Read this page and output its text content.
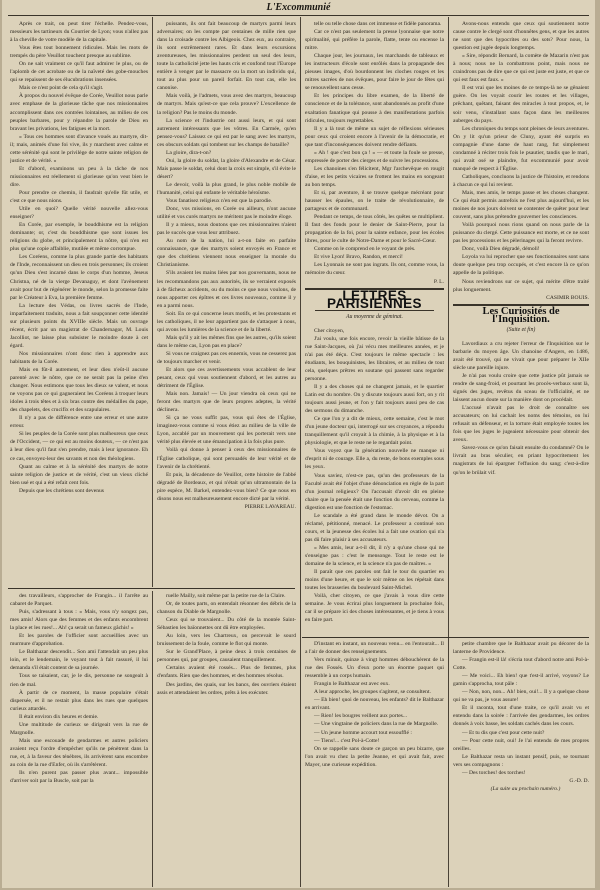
L'Excommunié

Après ce trait, on peut tirer l'échelle. Pendez-vous, messieurs les tartineurs du Courrier de Lyon; vous n'allez pas à la cheville de votre modèle de la capitale.

Vous êtes tout bonnement ridicules. Mais les mots de trempés du père Veuillot touchent presque au sublime.

On ne sait vraiment ce qu'il faut admirer le plus, ou de l'aplomb de cet acrobate ou de la naïveté des gobe-mouches qui se repaissent de ses élucubrations insensées.

Mais ce n'est point de cela qu'il s'agit.

À propos du nouvel évêque de Corée, Veuillot nous parle avec emphase de la glorieuse tâche que nos missionnaires accomplissent dans ces contrées lointaines, au milieu de ces peuples barbares, pour y répandre la parole de Dieu en bravant les privations, les fatigues et la mort.

« Tous ces hommes sont d'avance voués au martyre, dit-il; mais, animés d'une foi vive, ils y marchent avec calme et cette sérénité qui sont le privilège de notre sainte religion de justice et de vérité. »

Et d'abord, examinons un peu à la tâche de nos missionnaires est réellement si glorieuse qu'on veut bien le dire.

Pour prendre ce chemin, il faudrait qu'elle fût utile, et c'est ce que nous nions.

Utile en quoi? Quelle vérité nouvelle allez-vous enseigner?

En Corée, par exemple, le bouddhisme est la religion dominante; or, c'est du bouddhisme que sont issues les religions du globe, et principalement la nôtre, qui n'en est plus qu'une copie affaiblie, mutilée et même corrompue.

Les Coréens, comme la plus grande partie des habitants de l'Inde, reconnaissent un dieu en trois personnes; ils croient qu'un Dieu s'est incarné dans le corps d'un homme, Jeseus Christna, né de la vierge Devanaguy, et dont l'avènement avait pour but de régénérer le monde, selon la promesse faite par le Créateur à Eva, la première femme.

La lecture des Védas, ou livres sacrés de l'Inde, imparfaitement traduits, nous a fait soupçonner cette identité sur plusieurs points du XVIIIe siècle. Mais un ouvrage récent, écrit par un magistrat de Chandernagor, M. Louis Jacolliot, ne laisse plus subsister le moindre doute à cet égard.

Nos missionnaires n'ont donc rien à apprendre aux habitants de la Corée.

Mais en fût-il autrement, et leur dieu n'eût-il aucune parenté avec le nôtre, que ce ne serait pas la peine d'en changer. Nous estimons que tous les dieux se valent, et nous ne voyons pas ce qui gagneraient les Coréens à troquer leurs idoles à trois têtes et à six bras contre des médailles du pape, des chapelets, des crucifix et des scapulaires.

Il n'y a pas de différence entre une erreur et une autre erreur.

Si les peuples de la Corée sont plus malheureux que ceux de l'Occident, — ce qui est au moins douteux, — ce n'est pas à leur dieu qu'il faut s'en prendre, mais à leur ignorance. Eh ce cas, envoyez-leur des savants et non des théologiens.

Quant au calme et à la sérénité des martyrs de notre sainte religion de justice et de vérité, c'est un vieux cliché bien usé et qui a été refait cent fois.

Depuis que les chrétiens sont devenus

puissants, ils ont fait beaucoup de martyrs parmi leurs adversaires; on les compte par centaines de mille rien que dans la croisade contre les Albigeois. Chez eux, au contraire, ils sont extrêmement rares. Et dans leurs excursions aventureuses, les missionnaires perdent un seul des leurs, toute la catholicité jette les hauts cris et confond tout l'Europe entière à venger par le massacre ou la mort un individu qui, tout au plus pour un pareil forfait. En tout cas, elle les canonise.

Mais voilà, je l'admets, vous avez des martyrs, beaucoup de martyrs. Mais qu'est-ce que cela prouve? L'excellence de la religion? Pas le moins du monde.

La science et l'industrie ont aussi leurs, et qui sont autrement intéressants que les vôtres. En Carmée, qu'en pensez-vous? Laissez ce qui est par le sang avec les martyrs, ces obscurs soldats qui tombent sur les champs de bataille?

La gloire, dira-t-on?

Oui, la gloire du soldat, la gloire d'Alexandre et de César. Mais passe le soldat, celui dont la croix est simple, s'il évite le désert?

Le devoir, voilà la plus grand, le plus noble mobile de l'humanité, celui qui enfante le véritable héroïsme.

Vous fanatisez religieux n'en est que la parodie.

Donc, vos missions, en Corée ou ailleurs, n'ont aucune utilité et vos curés martyrs ne méritent pas le moindre éloge.

Il y a mieux, nous doutons que ces missionnaires n'aient pas le succès que vous leur attribuez.

Au nom de la nation, lui a-t-on faite en parfaite connaissance, que des martyrs soient envoyés en France et que des chrétiens viennent nous enseigner la morale du Christianisme.

S'ils avaient les mains liées par nos gouvernants, nous ne les recommandons pas aux autorités, ils se verraient exposés à de fâcheux accidents, ou du moins ce que nous voulons, de nous apporter ces épîtres et ces livres nouveaux, comme il y en a parmi nous.

Soit. En ce qui concerne leurs motifs, et les protestants et les catholiques, il ne leur appartient pas de s'attaquer à nous, qui avons les lumières de la science et de la liberté.

Mais qu'il y ait les mêmes fins que les autres, qu'ils soient dans le même cas, Lyon pas en place?

Si vous ne craignez pas ces ennemis, vous ne cesserez pas de toujours marcher et venir.

Et alors que ces avertissements vous accablent de leur pesant, ceux qui vous soutiennent d'abord, et les autres au détriment de l'Église.

Mais non. Jamais! — Un jour viendra où ceux qui ne feront des martyrs que de leurs propres adeptes, la vérité déclinera.

Si ça ne vous suffit pas, vous qui êtes de l'Église, imaginez-vous comme si vous étiez au milieu de la ville de Lyon, accablé par un mouvement qui les porterait vers une vérité plus élevée et une émancipation à la fois plus pure.

Voilà qui donne à penser à ceux des missionnaires de l'Église catholique, qui sont persuadés de leur vérité et de l'avenir de la chrétienté.

Et puis, la décadence de Veuillot, cette histoire de l'abbé dégradé de Bordeaux, et qui n'était qu'un ultramontain de la pire espèce, M. Barkel, entendez-vous bien? Ce que nous en disons nous est malheureusement encore dicté par la vérité.

PIERRE LAVAREAU.

telle ou telle chose dans cet immense et fidèle panorama.

Car ce n'est pas seulement la presse lyonnaise que notre spiritualité, qui préfère la parole, flatte, tente ou encense la mitre.

Chaque jour, les journaux, les marchands de tableaux et les instructeurs d'école sont enrôlés dans la propagande des pieuses images, d'où bourdonnent les cloches rouges et les mitres sacrées de nos évêques, pour faire le jour de fêtes qui se renouvellent sans cesse.

Et les principes du libre examen, de la liberté de conscience et de la tolérance, sont abandonnés au profit d'une exaltation fanatique qui pousse à des manifestations parfois ridicules, toujours regrettables.

Il y a là tout de même un sujet de réflexions sérieuses pour ceux qui croient encore à l'avenir de la démocratie, et que tant d'inconséquences doivent rendre défiants.

« Ah ! que c'est bon ça ! » — et toute la foule se presse, empressée de porter des cierges et de suivre les processions.

Les chanoines s'en félicitent, Mgr l'archevêque en rougit d'aise, et les petits vicaires se frottent les mains en songeant au bon temps.

Et si, par aventure, il se trouve quelque mécréant pour hausser les épaules, on le traite de révolutionnaire, de partageux et de communard.

Pendant ce temps, de tous côtés, les quêtes se multiplient. Il faut des fonds pour le denier de Saint-Pierre, pour la propagation de la foi, pour la sainte enfance, pour les écoles libres, pour le culte de Notre-Dame et pour le Sacré-Cœur.

Comme on le comprend en le voyant de près.

Et vive Lyon! Bravo, Randon, et merci!

Les Lyonnais ne sont pas ingrats. Ils ont, comme vous, la mémoire du cœur.

P. L.

LETTRES PARISIENNES
Au moyenne de géminat.

Cher citoyen,

J'ai voulu, une fois encore, revoir la vieille bâtisse de la rue Saint-Jacques, où j'ai vécu mes meilleures années, et je n'ai pas été déçu. C'est toujours le même spectacle : les étudiants, les bouquinistes, les libraires, et au milieu de tout cela, quelques prêtres en soutane qui passent sans regarder personne.

Il y a des choses qui ne changent jamais, et le quartier Latin est du nombre. On y discute toujours aussi fort, on y rit toujours aussi jeune, et l'on y fait toujours aussi peu de cas des sermons du dimanche.

Ce que l'on y a dit de mieux, cette semaine, c'est le mot d'un jeune docteur qui, interrogé sur ses croyances, a répondu tranquillement qu'il croyait à la chimie, à la physique et à la physiologie, et que le reste ne le regardait point.

Vous voyez que la génération nouvelle ne manque ni d'esprit ni de courage. Elle a, du reste, de bons exemples sous les yeux.

Vous saviez, n'est-ce pas, qu'un des professeurs de la Faculté avait été l'objet d'une dénonciation en règle de la part d'un journal religieux? On l'accusait d'avoir dit en pleine chaire que la pensée était une fonction du cerveau, comme la digestion est une fonction de l'estomac.

Le scandale a été grand dans le monde dévot. On a réclamé, pétitionné, menacé. Le professeur a continué son cours, et la jeunesse des écoles lui a fait une ovation qui n'a pas dû faire plaisir à ses accusateurs.

« Mes amis, leur a-t-il dit, il n'y a qu'une chose qui ne s'enseigne pas : c'est le mensonge. Tout le reste est le domaine de la science, et la science n'a pas de maîtres. »

Il paraît que ces paroles ont fait le tour du quartier en moins d'une heure, et que le soir même on les répétait dans toutes les brasseries du boulevard Saint-Michel.

Voilà, cher citoyen, ce que j'avais à vous dire cette semaine. Je vous écrirai plus longuement la prochaine fois, car il se prépare ici des choses intéressantes, et je tiens à vous en faire part.

Avons-nous entendu que ceux qui soutiennent notre cause contre le clergé sont d'honnêtes gens, et que les autres ne sont que des hypocrites ou des sots? Pour nous, la question est jugée depuis longtemps.

« Sire, répondit Bernard, la comète de Mazarin n'est pas à nous; nous ne la combattrons point, mais nous ne craindrons pas de dire que ce qui est juste est juste, et que ce qui est faux est faux. »

Il est vrai que les moines de ce temps-là ne se gênaient guère. On les voyait courir les routes et les villages, prêchant, quêtant, faisant des miracles à tout propos, et, le soir venu, s'installant sans façon dans les meilleures auberges du pays.

Les chroniques du temps sont pleines de leurs aventures. On y lit qu'un prieur de Cluny, ayant été surpris en compagnie d'une dame de haut rang, fut simplement condamné à réciter trois fois le psautier, tandis que le mari, qui avait osé se plaindre, fut excommunié pour avoir manqué de respect à l'Église.

Catholiques, concluons la justice de l'histoire, et rendons à chacun ce qui lui revient.

Mais, mes amis, le temps passe et les choses changent. Ce qui était permis autrefois ne l'est plus aujourd'hui, et les moines de nos jours doivent se contenter de quêter pour leur couvent, sans plus prétendre gouverner les consciences.

Voilà pourquoi nous rions quand on nous parle de la puissance du clergé. Cette puissance est morte, et ce ne sont pas les processions et les pèlerinages qui la feront revivre.

Donc, voilà Dieu dégradé, démoli!

Loyola va lui reprocher que ses fonctionnaires sont sans doute quelque peu trop occupés, et c'est encore là ce qu'on appelle de la politique.

Nous reviendrons sur ce sujet, qui mérite d'être traité plus longuement.

CASIMIR BOUIS.

Les Curiosités de l'Inquisition.
(Suite et fin)

Lavordiaux a cru rejeter l'erreur de l'Inquisition sur le barbarie du moyen âge. Un chanoine d'Angers, en 1486, avait été trouvé, qui ne vivait que pour préparer le XIIe siècle une pareille injure.

Je n'ai pas voulu croire que cette justice pût jamais se rendre de sang-froid, et pourtant les procès-verbaux sont là, signés des juges, revêtus du sceau de l'officialité, et ne laissent aucun doute sur la manière dont on procédait.

L'accusé n'avait pas le droit de connaître ses accusateurs; on lui cachait les noms des témoins, on lui refusait un défenseur, et la torture était employée toutes les fois que les juges le jugeaient nécessaire pour obtenir des aveux.

Savez-vous ce qu'on faisait ensuite du condamné? On le livrait au bras séculier, en priant hypocritement les magistrats de lui épargner l'effusion du sang; c'est-à-dire qu'on le brûlait vif.

des travailleurs, s'approcher de Frangin... il l'arrête au cabaret de Parquet.

Puis, s'adressant à tous : « Mais, vous n'y songez pas, mes amis! Alors que des femmes et des enfants encombrent la place et les rues!... Ah! ça serait un fameux gâchis! »

Et les paroles de l'officier sont accueillies avec un murmure d'approbation.

Le Balthazar descendit... Son ami l'attendait un peu plus loin, et le lendemain, le voyant tout à fait rassuré, il lui demanda s'il était content de sa journée.

Tous se taisaient, car, je le dis, personne ne songeait à rien de mal.

À partir de ce moment, la masse populaire s'était dispersée, et il ne restait plus dans les rues que quelques curieux attardés.

Il était environ dix heures et demie.

Une multitude de curieux se dirigeait vers la rue de Margnolle.

Mais une escouade de gendarmes et autres policiers avaient reçu l'ordre d'empêcher qu'ils ne pénètrent dans la rue, et, à la faveur des ténèbres, ils arrivèrent sans encombre au coin de la rue d'Enfer, où ils s'arrêtèrent.

Ils n'en purent pas passer plus avant... impossible d'arriver soit par la Buscle, soit par la

ruelle Mailly, soit même par la petite rue de la Claire.

Or, de toutes parts, on entendait résonner des débris de la chanson du Diable de Margnolle.

Ceux qui se trouvaient... Du côté de la montée Saint-Sébastien les baïonnettes ont dû être employées.

Au loin, vers les Chartreux, on percevait le sourd bruissement de la foule, comme le flot qui monte.

Sur le Grand'Place, à peine deux à trois centaines de personnes qui, par groupes, causaient tranquillement.

Certains avaient été rossés... Plus de femmes, plus d'enfants. Rien que des hommes, et des hommes résolus.

Des jardins, des quais, sur les bancs, des ouvriers étaient assis et attendaient les ordres, prêts à les exécuter.

D'instant en instant, un nouveau venu... en l'entourait... Il a l'air de donner des renseignements.

Vers minuit, quinze à vingt hommes débouchèrent de la rue des Fossés. Un d'eux porte un énorme paquet qui ressemble à un corps humain.

Frangin le Balthazar est avec eux.

A leur approche, les groupes s'agitent, se consultent.

— Eh bien! quoi de nouveau, les enfants? dit le Balthazar en arrivant.

— Rien! les bougres veillent aux portes...

— Une vingtaine de policiers dans la rue de Margnolle.

— Un jeune homme accourt tout essoufflé :

— Tiens!... c'est Pol-à-Cotte!

On se rappelle sans doute ce garçon un peu bizarre, que l'on avait vu chez la petite Jeanne, et qui avait fait, avec Mayer, une curieuse expédition.

petite chambre que le Balthazar avait pu décorer de la lanterne de Providence.

— Frangin est-il là! s'écria tout d'abord notre ami Pol-à-Cotte.

— Me voici... Eh bien! que t'est-il arrivé, voyons? Le gamin s'approcha, tout pâle :

— Non, non, non... Ah! bien, oui!... Il y a quelque chose qui ne va pas, je vous assure!

Et il raconta, tout d'une traite, ce qu'il avait vu et entendu dans la soirée : l'arrivée des gendarmes, les ordres donnés à voix basse, les soldats cachés dans les cours.

— Et tu dis que c'est pour cette nuit?

— Pour cette nuit, oui! Je l'ai entendu de mes propres oreilles.

Le Balthazar resta un instant pensif, puis, se tournant vers ses compagnons :

— Des torches! des torches!

G.-D. D.

(La suite au prochain numéro.)
